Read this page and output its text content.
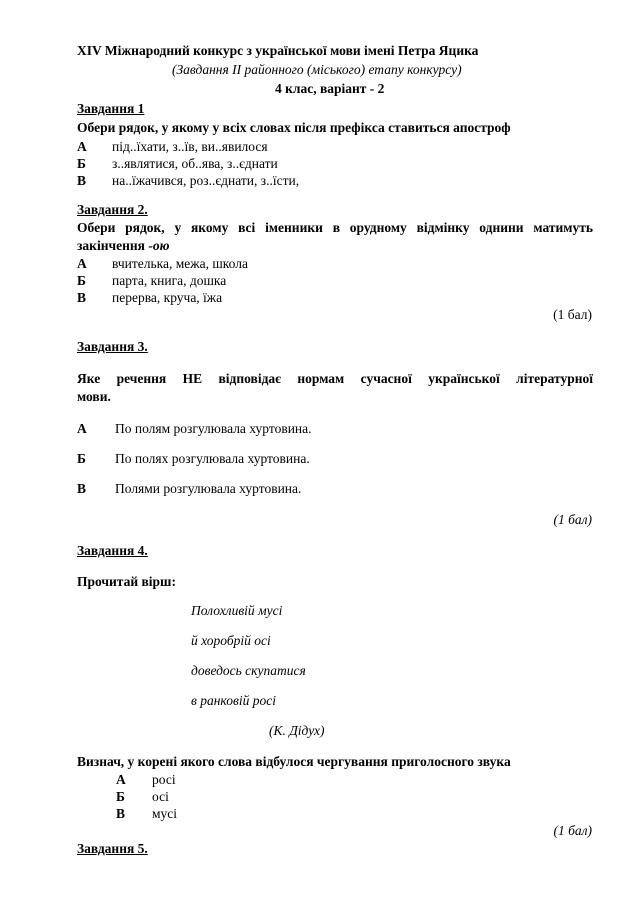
XIV Міжнародний конкурс з української мови імені Петра Яцика
(Завдання ІІ районного (міського) етапу конкурсу)
4 клас, варіант - 2
Завдання 1
Обери рядок, у якому у всіх словах після префікса ставиться апостроф
А під..їхати, з..їв, ви..явилося
Б з..являтися, об..ява, з..єднати
В на..їжачився, роз..єднати, з..їсти,
Завдання 2.
Обери рядок, у якому всі іменники в орудному відмінку однини матимуть
закінчення -ою
А вчителька, межа, школа
Б парта, книга, дошка
В перерва, круча, їжа
(1 бал)
Завдання 3.
Яке речення НЕ відповідає нормам сучасної української літературної
мови.
А По полям розгулювала хуртовина.
Б По полях розгулювала хуртовина.
В Полями розгулювала хуртовина.
(1 бал)
Завдання 4.
Прочитай вірш:
Полохливій мусі
й хоробрій осі
доведось скупатися
в ранковій росі
(К. Дідух)
Визнач, у корені якого слова відбулося чергування приголосного звука
А росі
Б осі
В мусі
(1 бал)
Завдання 5.
